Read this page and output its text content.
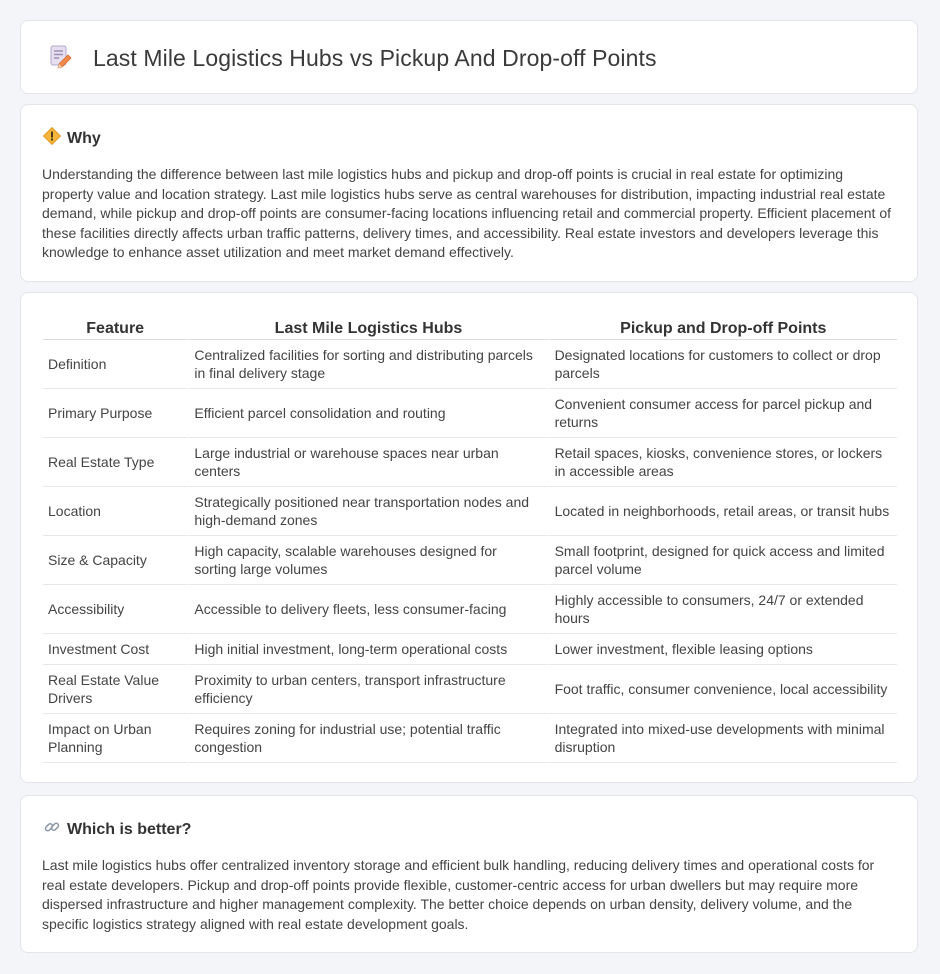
Last Mile Logistics Hubs vs Pickup And Drop-off Points
Why

Understanding the difference between last mile logistics hubs and pickup and drop-off points is crucial in real estate for optimizing property value and location strategy. Last mile logistics hubs serve as central warehouses for distribution, impacting industrial real estate demand, while pickup and drop-off points are consumer-facing locations influencing retail and commercial property. Efficient placement of these facilities directly affects urban traffic patterns, delivery times, and accessibility. Real estate investors and developers leverage this knowledge to enhance asset utilization and meet market demand effectively.

Feature	Last Mile Logistics Hubs	Pickup and Drop-off Points
Definition	Centralized facilities for sorting and distributing parcels in final delivery stage	Designated locations for customers to collect or drop parcels
Primary Purpose	Efficient parcel consolidation and routing	Convenient consumer access for parcel pickup and returns
Real Estate Type	Large industrial or warehouse spaces near urban centers	Retail spaces, kiosks, convenience stores, or lockers in accessible areas
Location	Strategically positioned near transportation nodes and high-demand zones	Located in neighborhoods, retail areas, or transit hubs
Size & Capacity	High capacity, scalable warehouses designed for sorting large volumes	Small footprint, designed for quick access and limited parcel volume
Accessibility	Accessible to delivery fleets, less consumer-facing	Highly accessible to consumers, 24/7 or extended hours
Investment Cost	High initial investment, long-term operational costs	Lower investment, flexible leasing options
Real Estate Value Drivers	Proximity to urban centers, transport infrastructure efficiency	Foot traffic, consumer convenience, local accessibility
Impact on Urban Planning	Requires zoning for industrial use; potential traffic congestion	Integrated into mixed-use developments with minimal disruption
Which is better?

Last mile logistics hubs offer centralized inventory storage and efficient bulk handling, reducing delivery times and operational costs for real estate developers. Pickup and drop-off points provide flexible, customer-centric access for urban dwellers but may require more dispersed infrastructure and higher management complexity. The better choice depends on urban density, delivery volume, and the specific logistics strategy aligned with real estate development goals.
